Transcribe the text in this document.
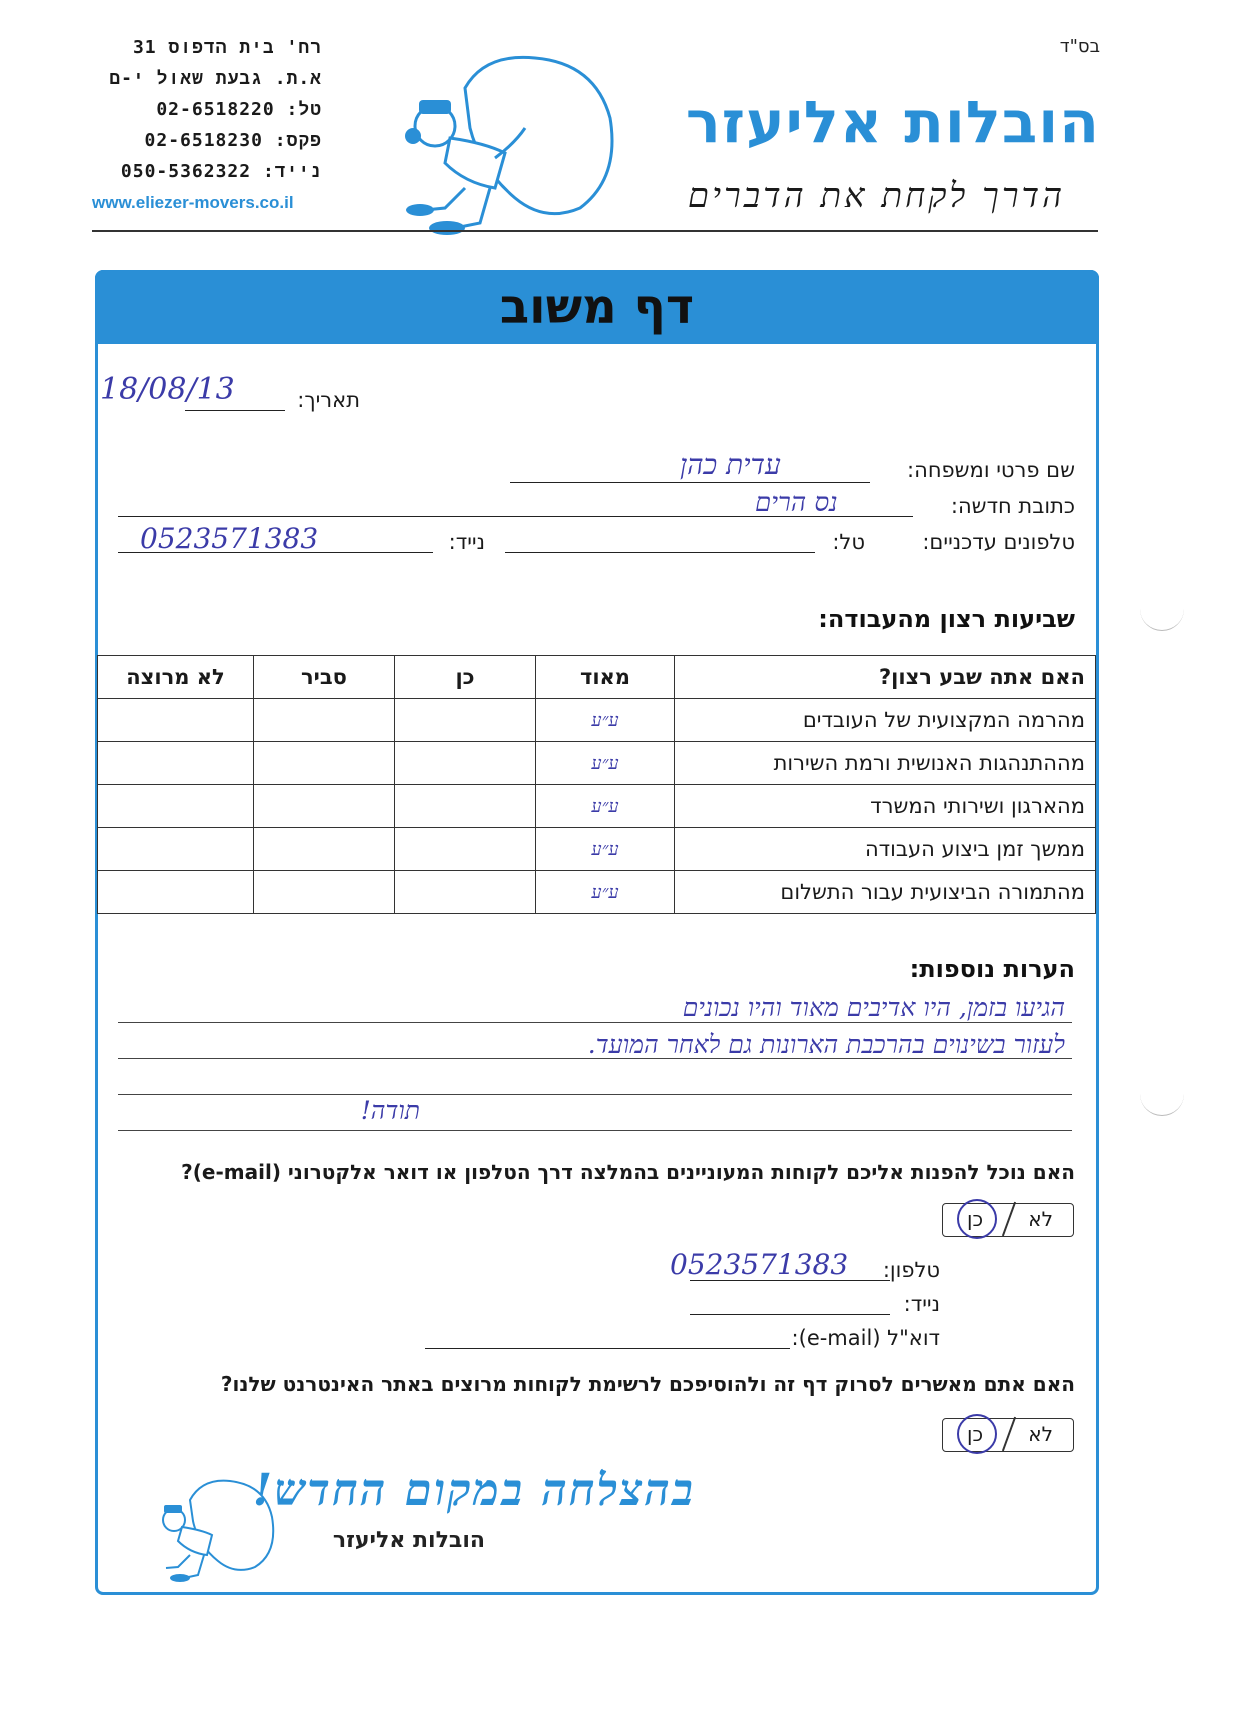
בס"ד
הובלות אליעזר
הדרך לקחת את הדברים
רח' בית הדפוס 31
א.ת. גבעת שאול י-ם
טל: 02-6518220
פקס: 02-6518230
נייד: 050-5362322
www.eliezer-movers.co.il
דף משוב
תאריך:
18/08/13
שם פרטי ומשפחה:
עדית כהן
כתובת חדשה:
נס הרים
טלפונים עדכניים:
טל:
נייד:
0523571383
שביעות רצון מהעבודה:
האם אתה שבע רצון?	מאוד	כן	סביר	לא מרוצה
מהרמה המקצועית של העובדים	ע״ע			
מההתנהגות האנושית ורמת השירות	ע״ע			
מהארגון ושירותי המשרד	ע״ע			
ממשך זמן ביצוע העבודה	ע״ע			
מהתמורה הביצועית עבור התשלום	ע״ע			
הערות נוספות:
הגיעו בזמן, היו אדיבים מאוד והיו נכונים
לעזור בשינוים בהרכבת הארונות גם לאחר המועד.
תודה!
האם נוכל להפנות אליכם לקוחות המעוניינים בהמלצה דרך הטלפון או דואר אלקטרוני (e-mail)?
לא
כן
טלפון:
0523571383
נייד:
דוא"ל (e-mail):
האם אתם מאשרים לסרוק דף זה ולהוסיפכם לרשימת לקוחות מרוצים באתר האינטרנט שלנו?
לא
כן
בהצלחה במקום החדש!
הובלות אליעזר
